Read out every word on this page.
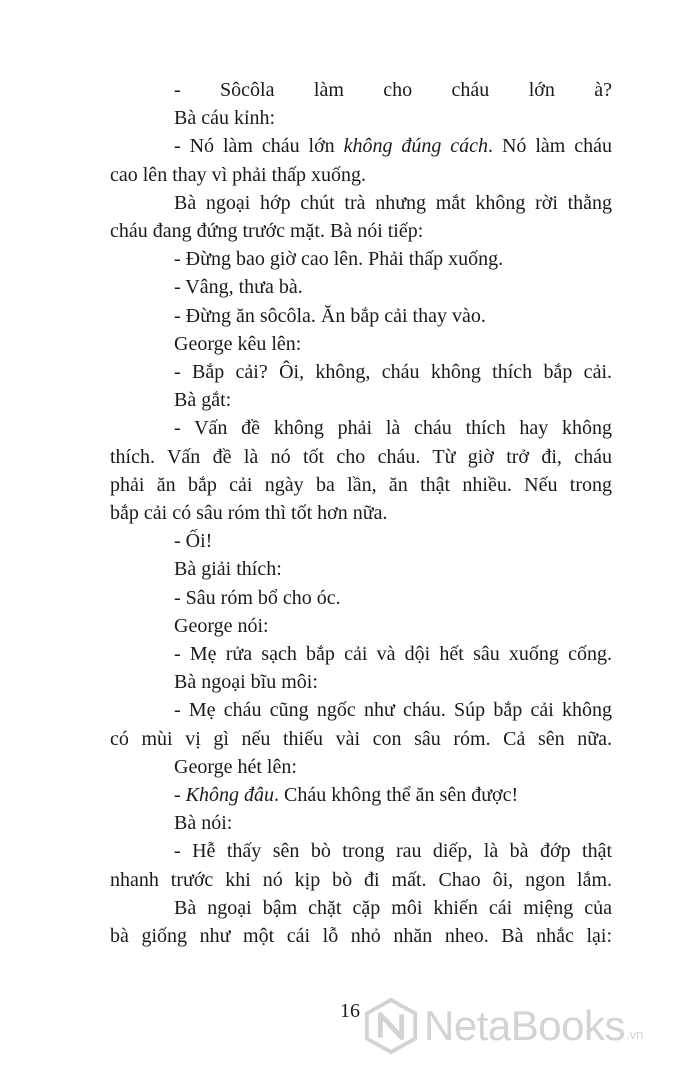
- Sôcôla làm cho cháu lớn à?

Bà cáu kỉnh:

- Nó làm cháu lớn không đúng cách. Nó làm cháu

cao lên thay vì phải thấp xuống.

Bà ngoại hớp chút trà nhưng mắt không rời thằng

cháu đang đứng trước mặt. Bà nói tiếp:

- Đừng bao giờ cao lên. Phải thấp xuống.

- Vâng, thưa bà.

- Đừng ăn sôcôla. Ăn bắp cải thay vào.

George kêu lên:

- Bắp cải? Ôi, không, cháu không thích bắp cải.

Bà gắt:

- Vấn đề không phải là cháu thích hay không

thích. Vấn đề là nó tốt cho cháu. Từ giờ trở đi, cháu

phải ăn bắp cải ngày ba lần, ăn thật nhiều. Nếu trong

bắp cải có sâu róm thì tốt hơn nữa.

- Ối!

Bà giải thích:

- Sâu róm bổ cho óc.

George nói:

- Mẹ rửa sạch bắp cải và dội hết sâu xuống cống.

Bà ngoại bĩu môi:

- Mẹ cháu cũng ngốc như cháu. Súp bắp cải không

có mùi vị gì nếu thiếu vài con sâu róm. Cả sên nữa.

George hét lên:

- Không đâu. Cháu không thể ăn sên được!

Bà nói:

- Hễ thấy sên bò trong rau diếp, là bà đớp thật

nhanh trước khi nó kịp bò đi mất. Chao ôi, ngon lắm.

Bà ngoại bậm chặt cặp môi khiến cái miệng của

bà giống như một cái lỗ nhỏ nhăn nheo. Bà nhắc lại:

16	NetaBooks .vn
